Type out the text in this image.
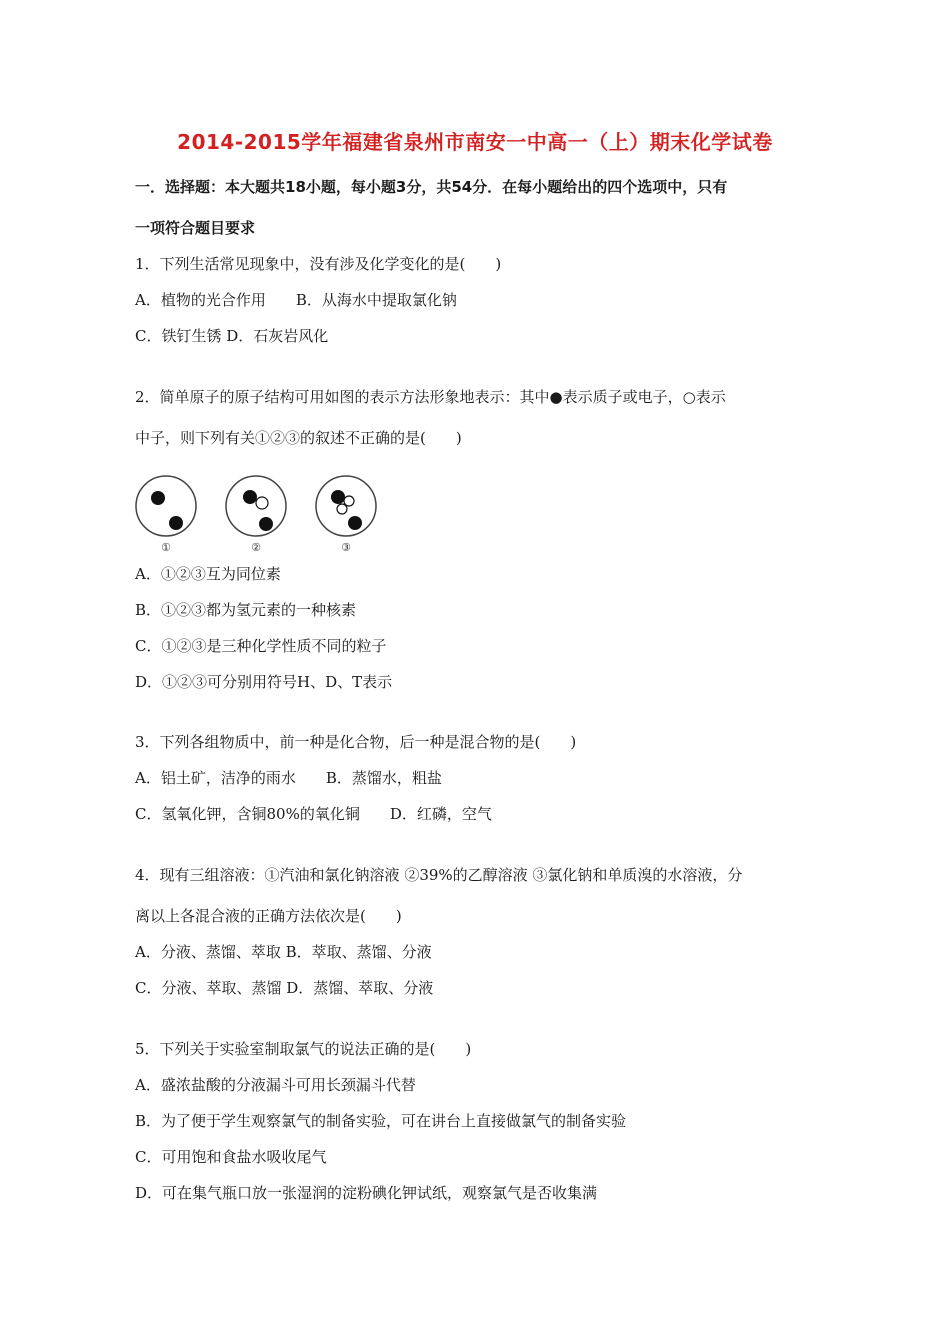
2014-2015学年福建省泉州市南安一中高一（上）期末化学试卷
一．选择题：本大题共18小题，每小题3分，共54分．在每小题给出的四个选项中，只有
一项符合题目要求
1．下列生活常见现象中，没有涉及化学变化的是(　　)
A．植物的光合作用　　B．从海水中提取氯化钠
C．铁钉生锈 D．石灰岩风化
2．简单原子的原子结构可用如图的表示方法形象地表示：其中●表示质子或电子，○表示
中子，则下列有关①②③的叙述不正确的是(　　)
①	②	③
A．①②③互为同位素
B．①②③都为氢元素的一种核素
C．①②③是三种化学性质不同的粒子
D．①②③可分别用符号H、D、T表示
3．下列各组物质中，前一种是化合物，后一种是混合物的是(　　)
A．铝土矿，洁净的雨水　　B．蒸馏水，粗盐
C．氢氧化钾，含铜80%的氧化铜　　D．红磷，空气
4．现有三组溶液：①汽油和氯化钠溶液 ②39%的乙醇溶液 ③氯化钠和单质溴的水溶液，分
离以上各混合液的正确方法依次是(　　)
A．分液、蒸馏、萃取 B．萃取、蒸馏、分液
C．分液、萃取、蒸馏 D．蒸馏、萃取、分液
5．下列关于实验室制取氯气的说法正确的是(　　)
A．盛浓盐酸的分液漏斗可用长颈漏斗代替
B．为了便于学生观察氯气的制备实验，可在讲台上直接做氯气的制备实验
C．可用饱和食盐水吸收尾气
D．可在集气瓶口放一张湿润的淀粉碘化钾试纸，观察氯气是否收集满
